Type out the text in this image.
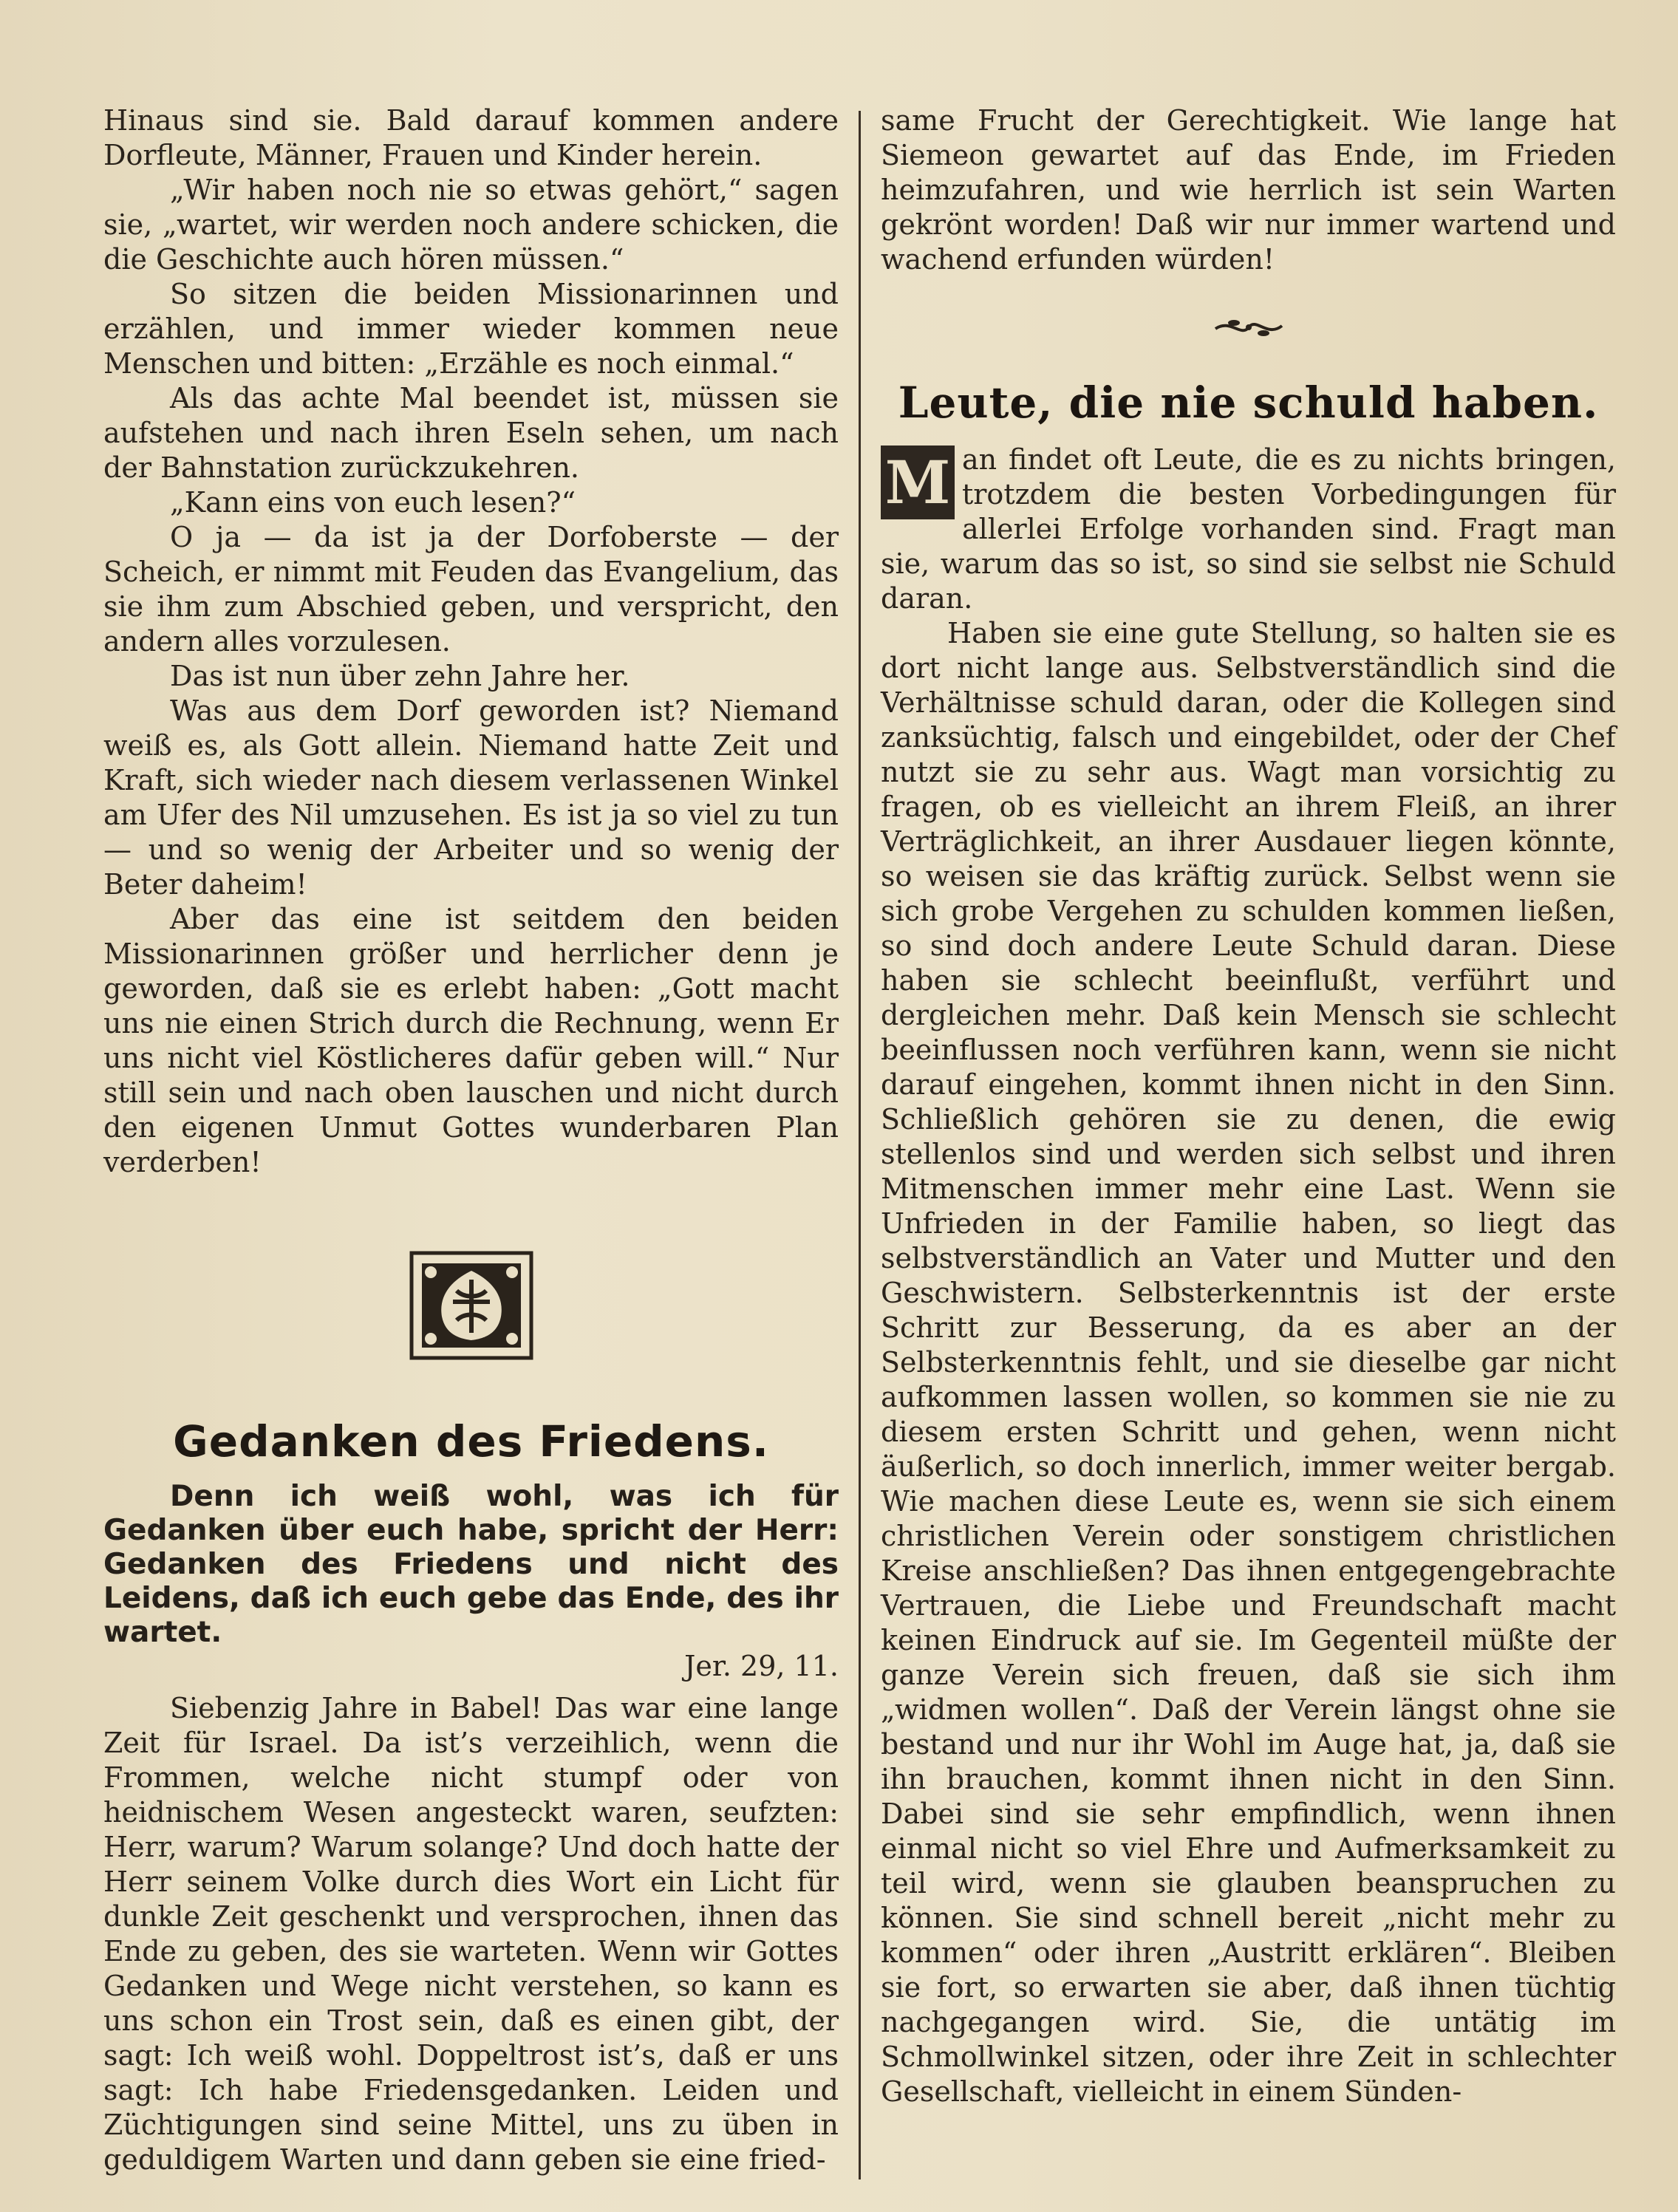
Hinaus sind sie. Bald darauf kommen andere Dorfleute, Männer, Frauen und Kinder herein.

„Wir haben noch nie so etwas gehört,“ sagen sie, „wartet, wir werden noch andere schicken, die die Geschichte auch hören müssen.“

So sitzen die beiden Missionarinnen und erzählen, und immer wieder kommen neue Menschen und bitten: „Erzähle es noch einmal.“

Als das achte Mal beendet ist, müssen sie aufstehen und nach ihren Eseln sehen, um nach der Bahnstation zurückzukehren.

„Kann eins von euch lesen?“

O ja — da ist ja der Dorfoberste — der Scheich, er nimmt mit Feuden das Evangelium, das sie ihm zum Abschied geben, und verspricht, den andern alles vorzulesen.

Das ist nun über zehn Jahre her.

Was aus dem Dorf geworden ist? Niemand weiß es, als Gott allein. Niemand hatte Zeit und Kraft, sich wieder nach diesem verlassenen Winkel am Ufer des Nil umzusehen. Es ist ja so viel zu tun — und so wenig der Arbeiter und so wenig der Beter daheim!

Aber das eine ist seitdem den beiden Missionarinnen größer und herrlicher denn je geworden, daß sie es erlebt haben: „Gott macht uns nie einen Strich durch die Rechnung, wenn Er uns nicht viel Köstlicheres dafür geben will.“ Nur still sein und nach oben lauschen und nicht durch den eigenen Unmut Gottes wunderbaren Plan verderben!

Gedanken des Friedens.
Denn ich weiß wohl, was ich für Gedanken über euch habe, spricht der Herr: Gedanken des Friedens und nicht des Leidens, daß ich euch gebe das Ende, des ihr wartet.
Jer. 29, 11.

Siebenzig Jahre in Babel! Das war eine lange Zeit für Israel. Da ist’s verzeihlich, wenn die Frommen, welche nicht stumpf oder von heidnischem Wesen angesteckt waren, seufzten: Herr, warum? Warum solange? Und doch hatte der Herr seinem Volke durch dies Wort ein Licht für dunkle Zeit geschenkt und versprochen, ihnen das Ende zu geben, des sie warteten. Wenn wir Gottes Gedanken und Wege nicht verstehen, so kann es uns schon ein Trost sein, daß es einen gibt, der sagt: Ich weiß wohl. Doppeltrost ist’s, daß er uns sagt: Ich habe Friedensgedanken. Leiden und Züchtigungen sind seine Mittel, uns zu üben in geduldigem Warten und dann geben sie eine fried-

same Frucht der Gerechtigkeit. Wie lange hat Siemeon gewartet auf das Ende, im Frieden heimzufahren, und wie herrlich ist sein Warten gekrönt worden! Daß wir nur immer wartend und wachend erfunden würden!

Leute, die nie schuld haben.
M an findet oft Leute, die es zu nichts bringen, trotzdem die besten Vorbedingungen für allerlei Erfolge vorhanden sind. Fragt man sie, warum das so ist, so sind sie selbst nie Schuld daran.

Haben sie eine gute Stellung, so halten sie es dort nicht lange aus. Selbstverständlich sind die Verhältnisse schuld daran, oder die Kollegen sind zanksüchtig, falsch und eingebildet, oder der Chef nutzt sie zu sehr aus. Wagt man vorsichtig zu fragen, ob es vielleicht an ihrem Fleiß, an ihrer Verträglichkeit, an ihrer Ausdauer liegen könnte, so weisen sie das kräftig zurück. Selbst wenn sie sich grobe Vergehen zu schulden kommen ließen, so sind doch andere Leute Schuld daran. Diese haben sie schlecht beeinflußt, verführt und dergleichen mehr. Daß kein Mensch sie schlecht beeinflussen noch verführen kann, wenn sie nicht darauf eingehen, kommt ihnen nicht in den Sinn. Schließlich gehören sie zu denen, die ewig stellenlos sind und werden sich selbst und ihren Mitmenschen immer mehr eine Last. Wenn sie Unfrieden in der Familie haben, so liegt das selbstverständlich an Vater und Mutter und den Geschwistern. Selbsterkenntnis ist der erste Schritt zur Besserung, da es aber an der Selbsterkenntnis fehlt, und sie dieselbe gar nicht aufkommen lassen wollen, so kommen sie nie zu diesem ersten Schritt und gehen, wenn nicht äußerlich, so doch innerlich, immer weiter bergab. Wie machen diese Leute es, wenn sie sich einem christlichen Verein oder sonstigem christlichen Kreise anschließen? Das ihnen entgegengebrachte Vertrauen, die Liebe und Freundschaft macht keinen Eindruck auf sie. Im Gegenteil müßte der ganze Verein sich freuen, daß sie sich ihm „widmen wollen“. Daß der Verein längst ohne sie bestand und nur ihr Wohl im Auge hat, ja, daß sie ihn brauchen, kommt ihnen nicht in den Sinn. Dabei sind sie sehr empfindlich, wenn ihnen einmal nicht so viel Ehre und Aufmerksamkeit zu teil wird, wenn sie glauben beanspruchen zu können. Sie sind schnell bereit „nicht mehr zu kommen“ oder ihren „Austritt erklären“. Bleiben sie fort, so erwarten sie aber, daß ihnen tüchtig nachgegangen wird. Sie, die untätig im Schmollwinkel sitzen, oder ihre Zeit in schlechter Gesellschaft, vielleicht in einem Sünden-
